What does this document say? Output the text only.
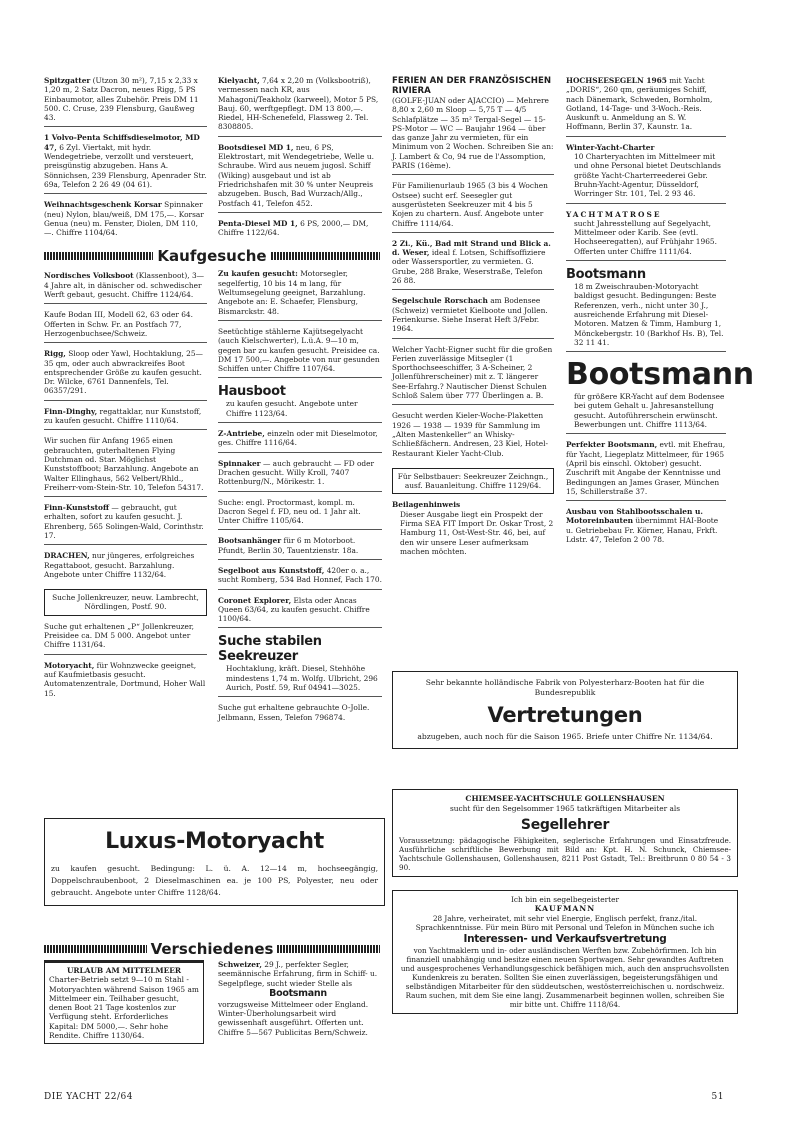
Spitzgatter (Utzon 30 m²), 7,15 x 2,33 x 1,20 m, 2 Satz Dacron, neues Rigg, 5 PS Einbaumotor, alles Zubehör. Preis DM 11 500. C. Cruse, 239 Flensburg, Gaußweg 43.
1 Volvo-Penta Schiffsdieselmotor, MD 47, 6 Zyl. Viertakt, mit hydr. Wendegetriebe, verzollt und versteuert, preisgünstig abzugeben. Hans A. Sönnichsen, 239 Flensburg, Apenrader Str. 69a, Telefon 2 26 49 (04 61).
Weihnachtsgeschenk Korsar Spinnaker (neu) Nylon, blau/weiß, DM 175,—. Korsar Genua (neu) m. Fenster, Diolen, DM 110,—. Chiffre 1104/64.
Kaufgesuche
Nordisches Volksboot (Klassenboot), 3—4 Jahre alt, in dänischer od. schwedischer Werft gebaut, gesucht. Chiffre 1124/64.
Kaufe Bodan III, Modell 62, 63 oder 64. Offerten in Schw. Fr. an Postfach 77, Herzogenbuchsee/Schweiz.
Rigg, Sloop oder Yawl, Hochtaklung, 25—35 qm, oder auch abwrackreifes Boot entsprechender Größe zu kaufen gesucht. Dr. Wilcke, 6761 Dannenfels, Tel. 06357/291.
Finn-Dinghy, regattaklar, nur Kunststoff, zu kaufen gesucht. Chiffre 1110/64.
Wir suchen für Anfang 1965 einen gebrauchten, guterhaltenen Flying Dutchman od. Star. Möglichst Kunststoffboot; Barzahlung. Angebote an Walter Ellinghaus, 562 Velbert/Rhld., Freiherr-vom-Stein-Str. 10, Telefon 54317.
Finn-Kunststoff — gebraucht, gut erhalten, sofort zu kaufen gesucht. J. Ehrenberg, 565 Solingen-Wald, Corinthstr. 17.
DRACHEN, nur jüngeres, erfolgreiches Regattaboot, gesucht. Barzahlung. Angebote unter Chiffre 1132/64.
Suche Jollenkreuzer, neuw. Lambrecht, Nördlingen, Postf. 90.
Suche gut erhaltenen „P“ Jollenkreuzer, Preisidee ca. DM 5 000. Angebot unter Chiffre 1131/64.
Motoryacht, für Wohnzwecke geeignet, auf Kaufmietbasis gesucht. Automatenzentrale, Dortmund, Hoher Wall 15.
Kielyacht, 7,64 x 2,20 m (Volksbootriß), vermessen nach KR, aus Mahagoni/Teakholz (karweel), Motor 5 PS, Bauj. 60, werftgepflegt. DM 13 800,—. Riedel, HH-Schenefeld, Flassweg 2. Tel. 8308805.
Bootsdiesel MD 1, neu, 6 PS, Elektrostart, mit Wendegetriebe, Welle u. Schraube. Wird aus neuem jugosl. Schiff (Wiking) ausgebaut und ist ab Friedrichshafen mit 30 % unter Neupreis abzugeben. Busch, Bad Wurzach/Allg., Postfach 41, Telefon 452.
Penta-Diesel MD 1, 6 PS, 2000,— DM, Chiffre 1122/64.
Zu kaufen gesucht: Motorsegler, segelfertig, 10 bis 14 m lang, für Weltumsegelung geeignet, Barzahlung. Angebote an: E. Schaefer, Flensburg, Bismarckstr. 48.
Seetüchtige stählerne Kajütsegelyacht (auch Kielschwerter), L.ü.A. 9—10 m, gegen bar zu kaufen gesucht. Preisidee ca. DM 17 500,—. Angebote von nur gesunden Schiffen unter Chiffre 1107/64.
Hausboot
zu kaufen gesucht. Angebote unter Chiffre 1123/64.
Z-Antriebe, einzeln oder mit Dieselmotor, ges. Chiffre 1116/64.
Spinnaker — auch gebraucht — FD oder Drachen gesucht. Willy Kroll, 7407 Rottenburg/N., Mörikestr. 1.
Suche: engl. Proctormast, kompl. m. Dacron Segel f. FD, neu od. 1 Jahr alt. Unter Chiffre 1105/64.
Bootsanhänger für 6 m Motorboot. Pfundt, Berlin 30, Tauentzienstr. 18a.
Segelboot aus Kunststoff, 420er o. a., sucht Romberg, 534 Bad Honnef, Fach 170.
Coronet Explorer, Elsta oder Ancas Queen 63/64, zu kaufen gesucht. Chiffre 1100/64.
Suche stabilen Seekreuzer
Hochtaklung, kräft. Diesel, Stehhöhe mindestens 1,74 m. Wolfg. Ulbricht, 296 Aurich, Postf. 59, Ruf 04941—3025.
Suche gut erhaltene gebrauchte O-Jolle. Jelbmann, Essen, Telefon 796874.
FERIEN AN DER FRANZÖSISCHEN RIVIERA
(GOLFE-JUAN oder AJACCIO) — Mehrere 8,80 x 2,60 m Sloop — 5,75 T — 4/5 Schlafplätze — 35 m² Tergal-Segel — 15-PS-Motor — WC — Baujahr 1964 — über das ganze Jahr zu vermieten, für ein Minimum von 2 Wochen. Schreiben Sie an: J. Lambert & Co, 94 rue de l'Assomption, PARIS (16ème).
Für Familienurlaub 1965 (3 bis 4 Wochen Ostsee) sucht erf. Seesegler gut ausgerüsteten Seekreuzer mit 4 bis 5 Kojen zu chartern. Ausf. Angebote unter Chiffre 1114/64.
2 Zi., Kü., Bad mit Strand und Blick a. d. Weser, ideal f. Lotsen, Schiffsoffiziere oder Wassersportler, zu vermieten. G. Grube, 288 Brake, Weserstraße, Telefon 26 88.
Segelschule Rorschach am Bodensee (Schweiz) vermietet Kielboote und Jollen. Ferienkurse. Siehe Inserat Heft 3/Febr. 1964.
Welcher Yacht-Eigner sucht für die großen Ferien zuverlässige Mitsegler (1 Sporthochseeschiffer, 3 A-Scheiner, 2 Jollenführerscheiner) mit z. T. längerer See-Erfahrg.? Nautischer Dienst Schulen Schloß Salem über 777 Überlingen a. B.
Gesucht werden Kieler-Woche-Plaketten 1926 — 1938 — 1939 für Sammlung im „Alten Mastenkeller“ an Whisky-Schließfächern. Andresen, 23 Kiel, Hotel-Restaurant Kieler Yacht-Club.
Für Selbstbauer: Seekreuzer Zeichngn., ausf. Bauanleitung. Chiffre 1129/64.
Beilagenhinweis
Dieser Ausgabe liegt ein Prospekt der Firma SEA FIT Import Dr. Oskar Trost, 2 Hamburg 11, Ost-West-Str. 46, bei, auf den wir unsere Leser aufmerksam machen möchten.
HOCHSEESEGELN 1965 mit Yacht „DORIS“, 260 qm, geräumiges Schiff, nach Dänemark, Schweden, Bornholm, Gotland, 14-Tage- und 3-Woch.-Reis. Auskunft u. Anmeldung an S. W. Hoffmann, Berlin 37, Kaunstr. 1a.
Winter-Yacht-Charter
10 Charteryachten im Mittelmeer mit und ohne Personal bietet Deutschlands größte Yacht-Charterreederei Gebr. Bruhn-Yacht-Agentur, Düsseldorf, Worringer Str. 101, Tel. 2 93 46.
YACHTMATROSE
sucht Jahresstellung auf Segelyacht, Mittelmeer oder Karib. See (evtl. Hochseeregatten), auf Frühjahr 1965. Offerten unter Chiffre 1111/64.
Bootsmann
18 m Zweischrauben-Motoryacht baldigst gesucht. Bedingungen: Beste Referenzen, verh., nicht unter 30 J., ausreichende Erfahrung mit Diesel-Motoren. Matzen & Timm, Hamburg 1, Mönckebergstr. 10 (Barkhof Hs. B), Tel. 32 11 41.
Bootsmann
für größere KR-Yacht auf dem Bodensee bei gutem Gehalt u. Jahresanstellung gesucht. Autoführerschein erwünscht. Bewerbungen unt. Chiffre 1113/64.
Perfekter Bootsmann, evtl. mit Ehefrau, für Yacht, Liegeplatz Mittelmeer, für 1965 (April bis einschl. Oktober) gesucht. Zuschrift mit Angabe der Kenntnisse und Bedingungen an James Graser, München 15, Schillerstraße 37.
Ausbau von Stahlbootsschalen u. Motoreinbauten übernimmt HAI-Boote u. Getriebebau Fr. Körner, Hanau, Frkft. Ldstr. 47, Telefon 2 00 78.
Luxus-Motoryacht
zu kaufen gesucht. Bedingung: L. ü. A. 12—14 m, hochseegängig, Doppelschraubenboot, 2 Dieselmaschinen ea. je 100 PS, Polyester, neu oder gebraucht. Angebote unter Chiffre 1128/64.
Sehr bekannte holländische Fabrik von Polyesterharz-Booten hat für die Bundesrepublik
Vertretungen
abzugeben, auch noch für die Saison 1965. Briefe unter Chiffre Nr. 1134/64.
CHIEMSEE-YACHTSCHULE GOLLENSHAUSEN
sucht für den Segelsommer 1965 tatkräftigen Mitarbeiter als
Segellehrer
Voraussetzung: pädagogische Fähigkeiten, seglerische Erfahrungen und Einsatzfreude. Ausführliche schriftliche Bewerbung mit Bild an: Kpt. H. N. Schunck, Chiemsee-Yachtschule Gollenshausen, Gollenshausen, 8211 Post Gstadt, Tel.: Breitbrunn 0 80 54 - 3 90.
Ich bin ein segelbegeisterter
KAUFMANN
28 Jahre, verheiratet, mit sehr viel Energie, Englisch perfekt, franz./ital. Sprachkenntnisse. Für mein Büro mit Personal und Telefon in München suche ich
Interessen- und Verkaufsvertretung
von Yachtmaklern und in- oder ausländischen Werften bzw. Zubehörfirmen. Ich bin finanziell unabhängig und besitze einen neuen Sportwagen. Sehr gewandtes Auftreten und ausgesprochenes Verhandlungsgeschick befähigen mich, auch den anspruchsvollsten Kundenkreis zu beraten. Sollten Sie einen zuverlässigen, begeisterungsfähigen und selbständigen Mitarbeiter für den süddeutschen, westösterreichischen u. nordschweiz. Raum suchen, mit dem Sie eine langj. Zusammenarbeit beginnen wollen, schreiben Sie mir bitte unt. Chiffre 1118/64.
Verschiedenes
URLAUB AM MITTELMEER
Charter-Betrieb setzt 9—10 m Stahl - Motoryachten während Saison 1965 am Mittelmeer ein. Teilhaber gesucht, denen Boot 21 Tage kostenlos zur Verfügung steht. Erforderliches Kapital: DM 5000,—. Sehr hohe Rendite. Chiffre 1130/64.
Schweizer, 29 J., perfekter Segler, seemännische Erfahrung, firm in Schiff- u. Segelpflege, sucht wieder Stelle als
Bootsmann
vorzugsweise Mittelmeer oder England. Winter-Überholungsarbeit wird gewissenhaft ausgeführt. Offerten unt. Chiffre 5—567 Publicitas Bern/Schweiz.
DIE YACHT 22/64	51
